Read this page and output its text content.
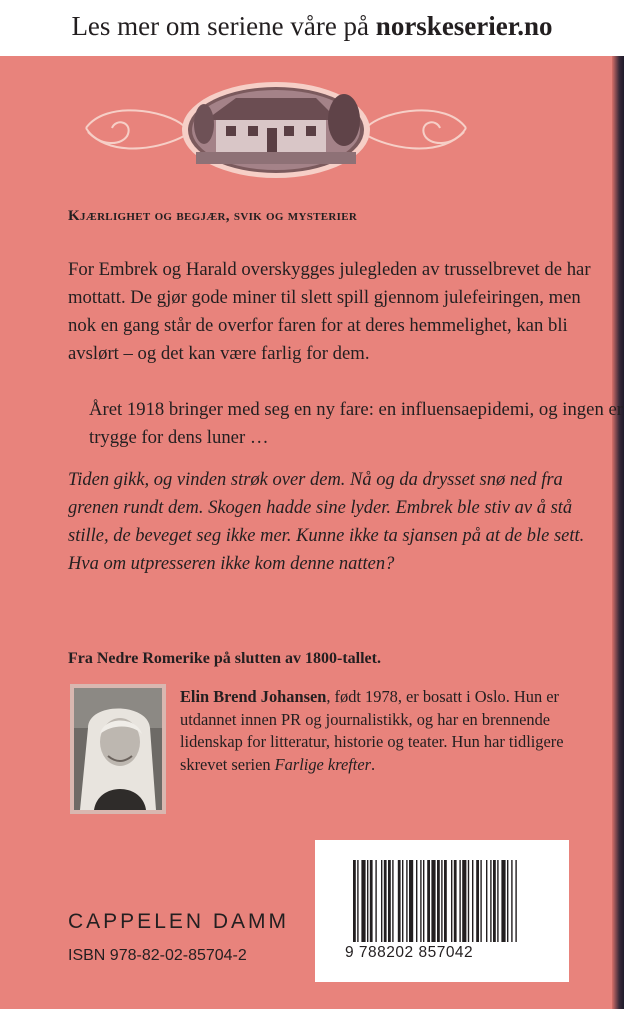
Les mer om seriene våre på norskeserier.no
Kjærlighet og begjær, svik og mysterier
For Embrek og Harald overskygges julegleden av trusselbrevet de har mottatt. De gjør gode miner til slett spill gjennom julefeiringen, men nok en gang står de overfor faren for at deres hemmelighet, kan bli avslørt – og det kan være farlig for dem.
Året 1918 bringer med seg en ny fare: en influensaepidemi, og ingen er trygge for dens luner …
Tiden gikk, og vinden strøk over dem. Nå og da drysset snø ned fra grenen rundt dem. Skogen hadde sine lyder. Embrek ble stiv av å stå stille, de beveget seg ikke mer. Kunne ikke ta sjansen på at de ble sett. Hva om utpresseren ikke kom denne natten?
Fra Nedre Romerike på slutten av 1800-tallet.
Elin Brend Johansen, født 1978, er bosatt i Oslo. Hun er utdannet innen PR og journalistikk, og har en brennende lidenskap for litteratur, historie og teater. Hun har tidligere skrevet serien Farlige krefter.
CAPPELEN DAMM
ISBN 978-82-02-85704-2	9 788202 857042
